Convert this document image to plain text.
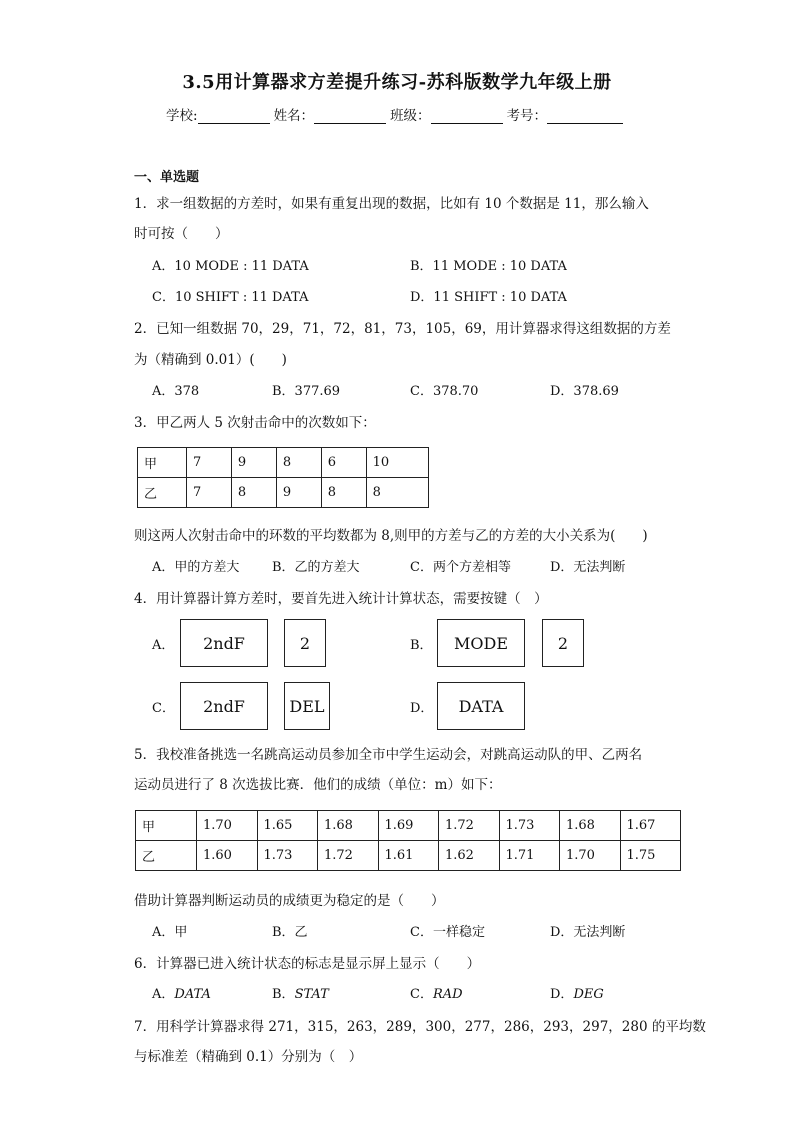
3.5用计算器求方差提升练习-苏科版数学九年级上册
学校:	姓名：	班级：	考号：
一、单选题
1．求一组数据的方差时，如果有重复出现的数据，比如有 10 个数据是 11，那么输入
时可按（　　）
A．10 MODE : 11 DATA	B．11 MODE : 10 DATA
C．10 SHIFT : 11 DATA	D．11 SHIFT : 10 DATA
2．已知一组数据 70，29，71，72，81，73，105，69，用计算器求得这组数据的方差
为（精确到 0.01）(　　)
A．378	B．377.69	C．378.70	D．378.69
3．甲乙两人 5 次射击命中的次数如下：
甲	7	9	8	6	10
乙	7	8	9	8	8
则这两人次射击命中的环数的平均数都为 8,则甲的方差与乙的方差的大小关系为(　　)
A．甲的方差大	B．乙的方差大	C．两个方差相等	D．无法判断
4．用计算器计算方差时，要首先进入统计计算状态，需要按键（　）
A．	2ndF	2	B．	MODE	2
C．	2ndF	DEL	D．	DATA
5．我校准备挑选一名跳高运动员参加全市中学生运动会，对跳高运动队的甲、乙两名
运动员进行了 8 次选拔比赛．他们的成绩（单位：m）如下：
甲	1.70	1.65	1.68	1.69	1.72	1.73	1.68	1.67
乙	1.60	1.73	1.72	1.61	1.62	1.71	1.70	1.75
借助计算器判断运动员的成绩更为稳定的是（　　）
A．甲	B．乙	C．一样稳定	D．无法判断
6．计算器已进入统计状态的标志是显示屏上显示（　　）
A．DATA	B．STAT	C．RAD	D．DEG
7．用科学计算器求得 271，315，263，289，300，277，286，293，297，280 的平均数
与标准差（精确到 0.1）分别为（　）
